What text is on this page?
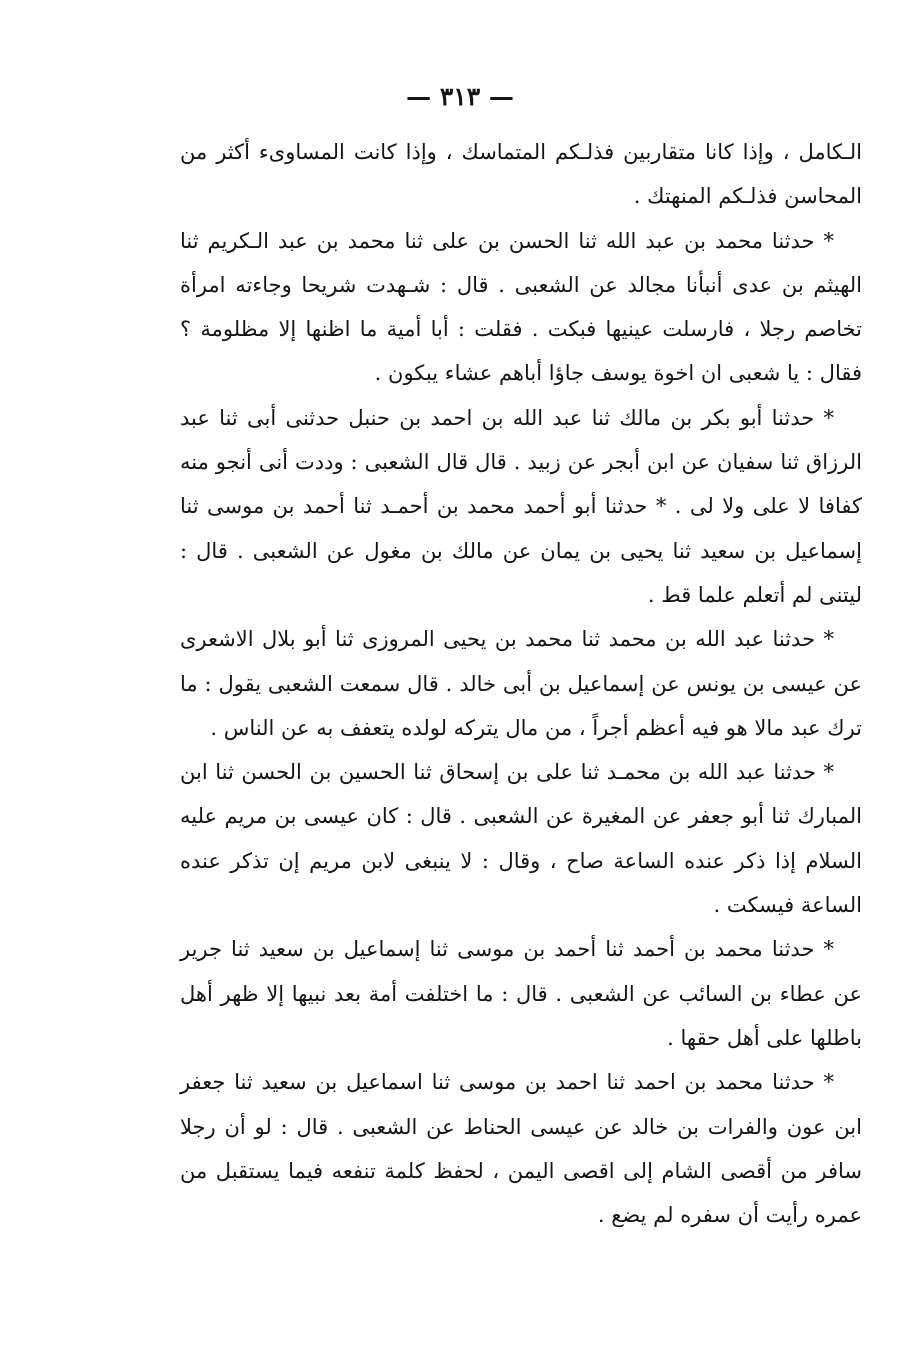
— ٣١٣ —

الـكامل ، وإذا كانا متقاربين فذلـكم المتماسك ، وإذا كانت المساوىء أكثر من المحاسن فذلـكم المنهتك .

* حدثنا محمد بن عبد الله ثنا الحسن بن على ثنا محمد بن عبد الـكريم ثنا الهيثم بن عدى أنبأنا مجالد عن الشعبى . قال : شـهدت شريحا وجاءته امرأة تخاصم رجلا ، فارسلت عينيها فبكت . فقلت : أبا أمية ما اظنها إلا مظلومة ؟ فقال : يا شعبى ان اخوة يوسف جاؤا أباهم عشاء يبكون .

* حدثنا أبو بكر بن مالك ثنا عبد الله بن احمد بن حنبل حدثنى أبى ثنا عبد الرزاق ثنا سفيان عن ابن أبجر عن زبيد . قال قال الشعبى : وددت أنى أنجو منه كفافا لا على ولا لى . * حدثنا أبو أحمد محمد بن أحمـد ثنا أحمد بن موسى ثنا إسماعيل بن سعيد ثنا يحيى بن يمان عن مالك بن مغول عن الشعبى . قال : ليتنى لم أتعلم علما قط .

* حدثنا عبد الله بن محمد ثنا محمد بن يحيى المروزى ثنا أبو بلال الاشعرى عن عيسى بن يونس عن إسماعيل بن أبى خالد . قال سمعت الشعبى يقول : ما ترك عبد مالا هو فيه أعظم أجراً ، من مال يتركه لولده يتعفف به عن الناس .

* حدثنا عبد الله بن محمـد ثنا على بن إسحاق ثنا الحسين بن الحسن ثنا ابن المبارك ثنا أبو جعفر عن المغيرة عن الشعبى . قال : كان عيسى بن مريم عليه السلام إذا ذكر عنده الساعة صاح ، وقال : لا ينبغى لابن مريم إن تذكر عنده الساعة فيسكت .

* حدثنا محمد بن أحمد ثنا أحمد بن موسى ثنا إسماعيل بن سعيد ثنا جرير عن عطاء بن السائب عن الشعبى . قال : ما اختلفت أمة بعد نبيها إلا ظهر أهل باطلها على أهل حقها .

* حدثنا محمد بن احمد ثنا احمد بن موسى ثنا اسماعيل بن سعيد ثنا جعفر ابن عون والفرات بن خالد عن عيسى الحناط عن الشعبى . قال : لو أن رجلا سافر من أقصى الشام إلى اقصى اليمن ، لحفظ كلمة تنفعه فيما يستقبل من عمره رأيت أن سفره لم يضع .
